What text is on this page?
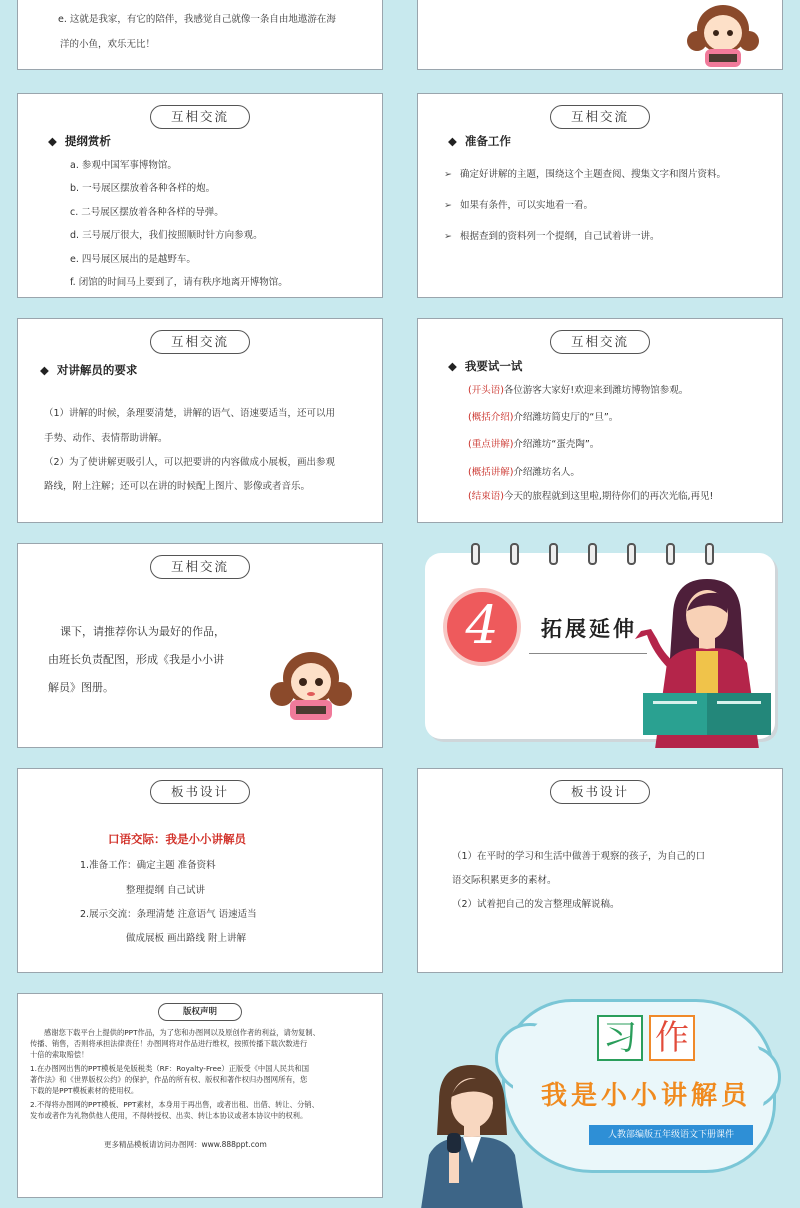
e. 这就是我家，有它的陪伴，我感觉自己就像一条自由地遨游在海
洋的小鱼，欢乐无比！
互相交流
◆ 提纲赏析
a. 参观中国军事博物馆。
b. 一号展区摆放着各种各样的炮。
c. 二号展区摆放着各种各样的导弹。
d. 三号展厅很大，我们按照顺时针方向参观。
e. 四号展区展出的是越野车。
f. 闭馆的时间马上要到了，请有秩序地离开博物馆。
互相交流
◆ 准备工作
➢ 确定好讲解的主题，围绕这个主题查阅、搜集文字和图片资料。
➢ 如果有条件，可以实地看一看。
➢ 根据查到的资料列一个提纲，自己试着讲一讲。
互相交流
◆ 对讲解员的要求
（1）讲解的时候，条理要清楚，讲解的语气、语速要适当，还可以用
手势、动作、表情帮助讲解。
（2）为了使讲解更吸引人，可以把要讲的内容做成小展板，画出参观
路线，附上注解；还可以在讲的时候配上图片、影像或者音乐。
互相交流
◆ 我要试一试
(开头语)各位游客大家好!欢迎来到潍坊博物馆参观。
(概括介绍)介绍潍坊简史厅的“旦”。
(重点讲解)介绍潍坊“蛋壳陶”。
(概括讲解)介绍潍坊名人。
(结束语)今天的旅程就到这里啦,期待你们的再次光临,再见!
互相交流
课下，请推荐你认为最好的作品，
由班长负责配图，形成《我是小小讲
解员》图册。
4	拓展延伸
板书设计
口语交际：我是小小讲解员
1.准备工作：确定主题 准备资料
整理提纲 自己试讲
2.展示交流：条理清楚 注意语气 语速适当
做成展板 画出路线 附上讲解
板书设计
（1）在平时的学习和生活中做善于观察的孩子，为自己的口
语交际积累更多的素材。
（2）试着把自己的发言整理成解说稿。
版权声明
感谢您下载平台上提供的PPT作品，为了您和办图网以及原创作者的利益，请勿复制、
传播、销售，否则将承担法律责任！办图网将对作品进行维权，按照传播下载次数进行
十倍的索取赔偿！
1.在办图网出售的PPT模板是免版税类（RF：Royalty-Free）正版受《中国人民共和国
著作法》和《世界版权公约》的保护，作品的所有权、版权和著作权归办图网所有，您
下载的是PPT模板素材的使用权。
2.不得将办图网的PPT模板、PPT素材，本身用于再出售，或者出租、出借、转让、分销、
发布或者作为礼物供他人使用，不得转授权、出卖、转让本协议或者本协议中的权利。
更多精品模板请访问办图网：www.888ppt.com
习 作
我是小小讲解员
人教部编版五年级语文下册课件
